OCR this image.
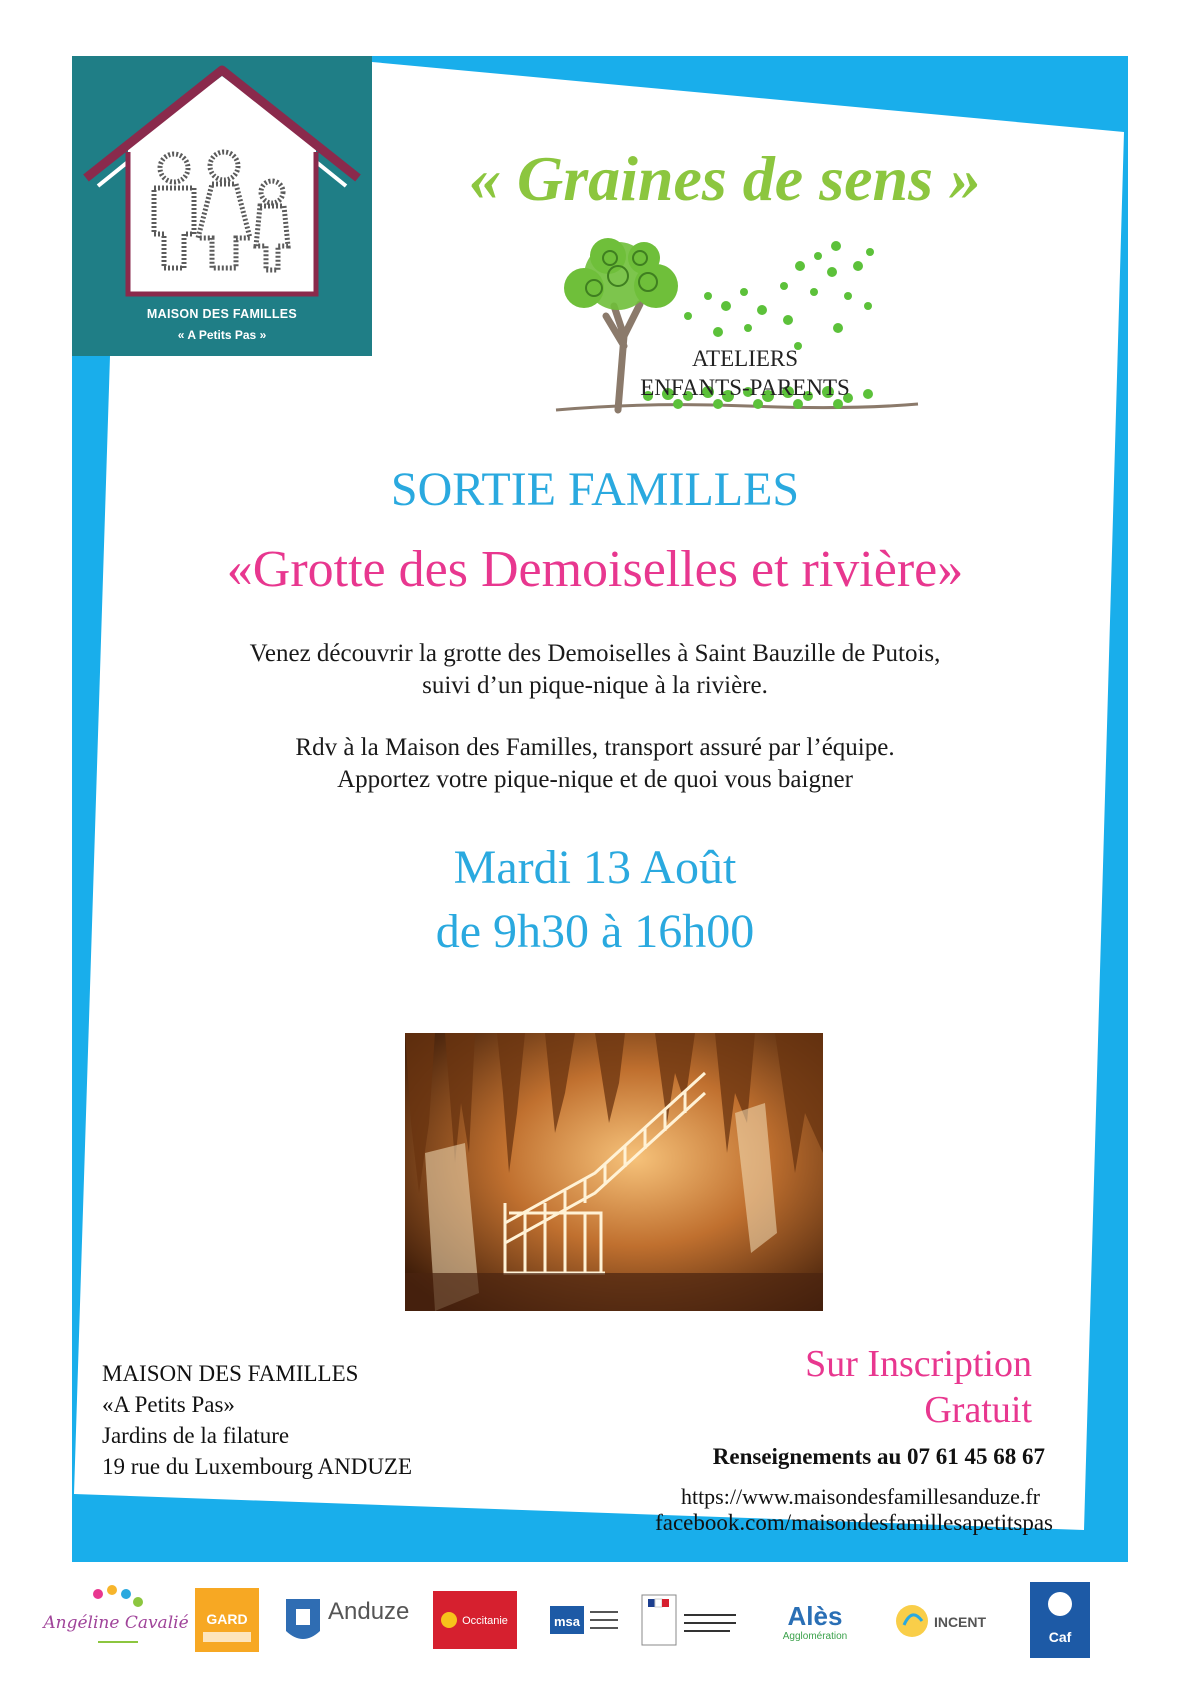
MAISON DES FAMILLES
« A Petits Pas »
« Graines de sens »
ATELIERS
ENFANTS-PARENTS
SORTIE FAMILLES
«Grotte des Demoiselles et rivière»
Venez découvrir la grotte des Demoiselles à Saint Bauzille de Putois,
suivi d’un pique-nique à la rivière.
Rdv à la Maison des Familles, transport assuré par l’équipe.
Apportez votre pique-nique et de quoi vous baigner
Mardi 13 Août
de 9h30 à 16h00
MAISON DES FAMILLES
«A Petits Pas»
Jardins de la filature
19 rue du Luxembourg ANDUZE
Sur Inscription
Gratuit
Renseignements au 07 61 45 68 67
https://www.maisondesfamillesanduze.fr
facebook.com/maisondesfamillesapetitspas
Angéline Cavalié GARD	Anduze	Occitanie	msa	Alès
Agglomération
INCENT
Caf
